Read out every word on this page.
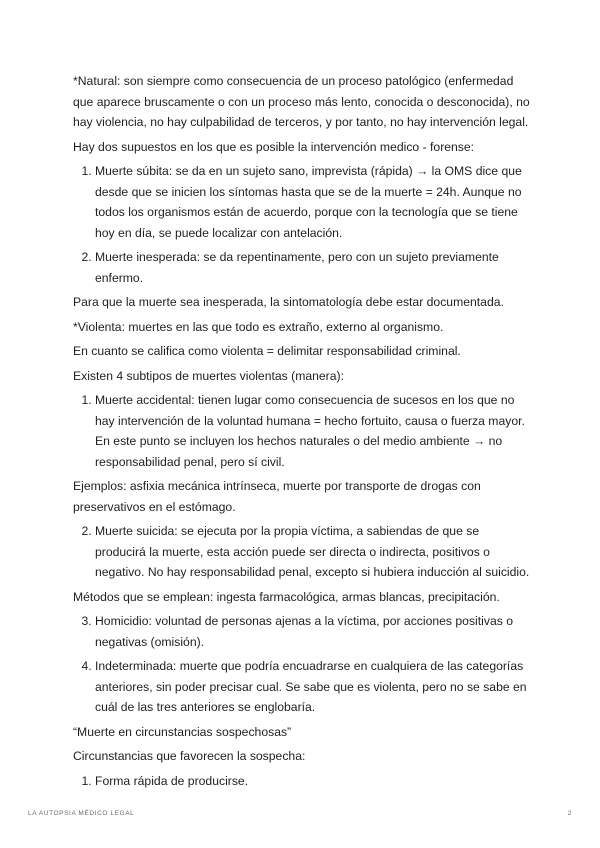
*Natural: son siempre como consecuencia de un proceso patológico (enfermedad que aparece bruscamente o con un proceso más lento, conocida o desconocida), no hay violencia, no hay culpabilidad de terceros, y por tanto, no hay intervención legal.

Hay dos supuestos en los que es posible la intervención medico - forense:

1. Muerte súbita: se da en un sujeto sano, imprevista (rápida) → la OMS dice que desde que se inicien los síntomas hasta que se de la muerte = 24h. Aunque no todos los organismos están de acuerdo, porque con la tecnología que se tiene hoy en día, se puede localizar con antelación.
2. Muerte inesperada: se da repentinamente, pero con un sujeto previamente enfermo.

Para que la muerte sea inesperada, la sintomatología debe estar documentada.

*Violenta: muertes en las que todo es extraño, externo al organismo.

En cuanto se califica como violenta = delimitar responsabilidad criminal.

Existen 4 subtipos de muertes violentas (manera):

1. Muerte accidental: tienen lugar como consecuencia de sucesos en los que no hay intervención de la voluntad humana = hecho fortuito, causa o fuerza mayor. En este punto se incluyen los hechos naturales o del medio ambiente → no responsabilidad penal, pero sí civil.

Ejemplos: asfixia mecánica intrínseca, muerte por transporte de drogas con preservativos en el estómago.

2. Muerte suicida: se ejecuta por la propia víctima, a sabiendas de que se producirá la muerte, esta acción puede ser directa o indirecta, positivos o negativo. No hay responsabilidad penal, excepto si hubiera inducción al suicidio.

Métodos que se emplean: ingesta farmacológica, armas blancas, precipitación.

3. Homicidio: voluntad de personas ajenas a la víctima, por acciones positivas o negativas (omisión).
4. Indeterminada: muerte que podría encuadrarse en cualquiera de las categorías anteriores, sin poder precisar cual. Se sabe que es violenta, pero no se sabe en cuál de las tres anteriores se englobaría.

“Muerte en circunstancias sospechosas”

Circunstancias que favorecen la sospecha:

1. Forma rápida de producirse.
LA AUTOPSIA MÉDICO LEGAL	2
